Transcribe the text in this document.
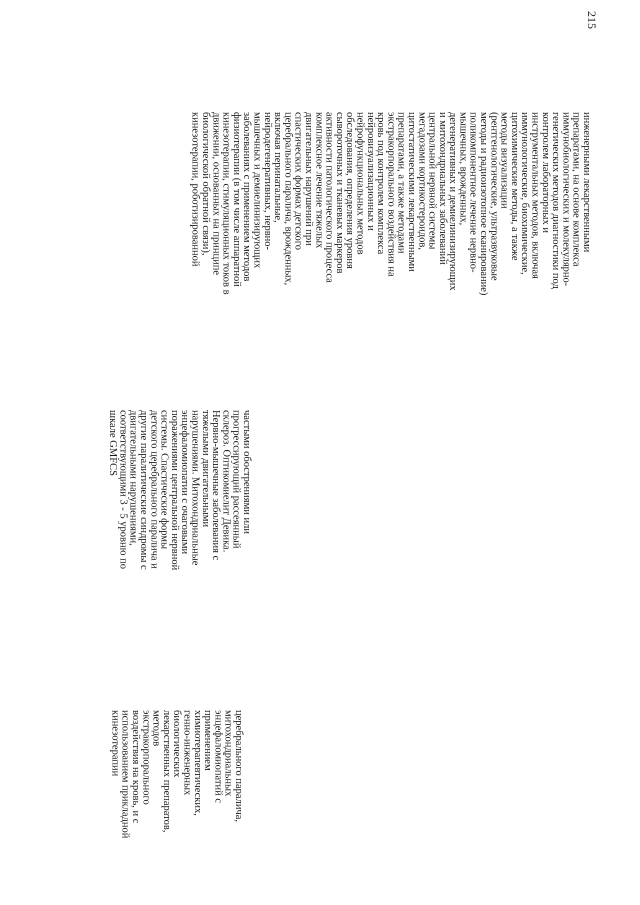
215

церебрального паралича,
митохондриальных
энцефаломиопатий с
применением
химиотерапевтических,
генно-инженерных
биологических
лекарственных препаратов,
методов
экстракорпорального
воздействия на кровь, и с
использованием прикладной
кинезотерапии

частыми обострениями или
прогрессирующий рассеянный
склероз. Оптикомиелит Девика.
Нервно-мышечные заболевания с
тяжелыми двигательными
нарушениями. Митохондриальные
энцефаломиопатии с очаговыми
поражениями центральной нервной
системы. Спастические формы
детского церебрального паралича и
другие паралитические синдромы с
двигательными нарушениями,
соответствующими 3 - 5 уровню по
шкале GMFCS

инженерными лекарственными
препаратами, на основе комплекса
иммунобиологических и молекулярно-
генетических методов диагностики под
контролем лабораторных и
инструментальных методов, включая
иммунологические, биохимические,
цитохимические методы, а также
методы визуализации
(рентгенологические, ультразвуковые
методы и радиоизотопное сканирование)
поликомпонентное лечение нервно-
мышечных, врожденных,
дегенеративных и демиелинизирующих
и митохондриальных заболеваний
центральной нервной системы
мегадозами кортикостероидов,
цитостатическими лекарственными
препаратами, а также методами
экстракорпорального воздействия на
кровь под контролем комплекса
нейровизуализационных и
нейрофункциональных методов
обследования, определения уровня
сывороточных и тканевых маркеров
активности патологического процесса
комплексное лечение тяжелых
двигательных нарушений при
спастических формах детского
церебрального паралича, врожденных,
включая перинатальные,
нейродегенеративных, нервно-
мышечных и демиелинизирующих
заболеваниях с применением методов
физиотерапии (в том числе аппаратной
кинезотерапии, стимуляционных токов в
движении, основанных на принципе
биологической обратной связи),
кинезотерапии, роботизированной
